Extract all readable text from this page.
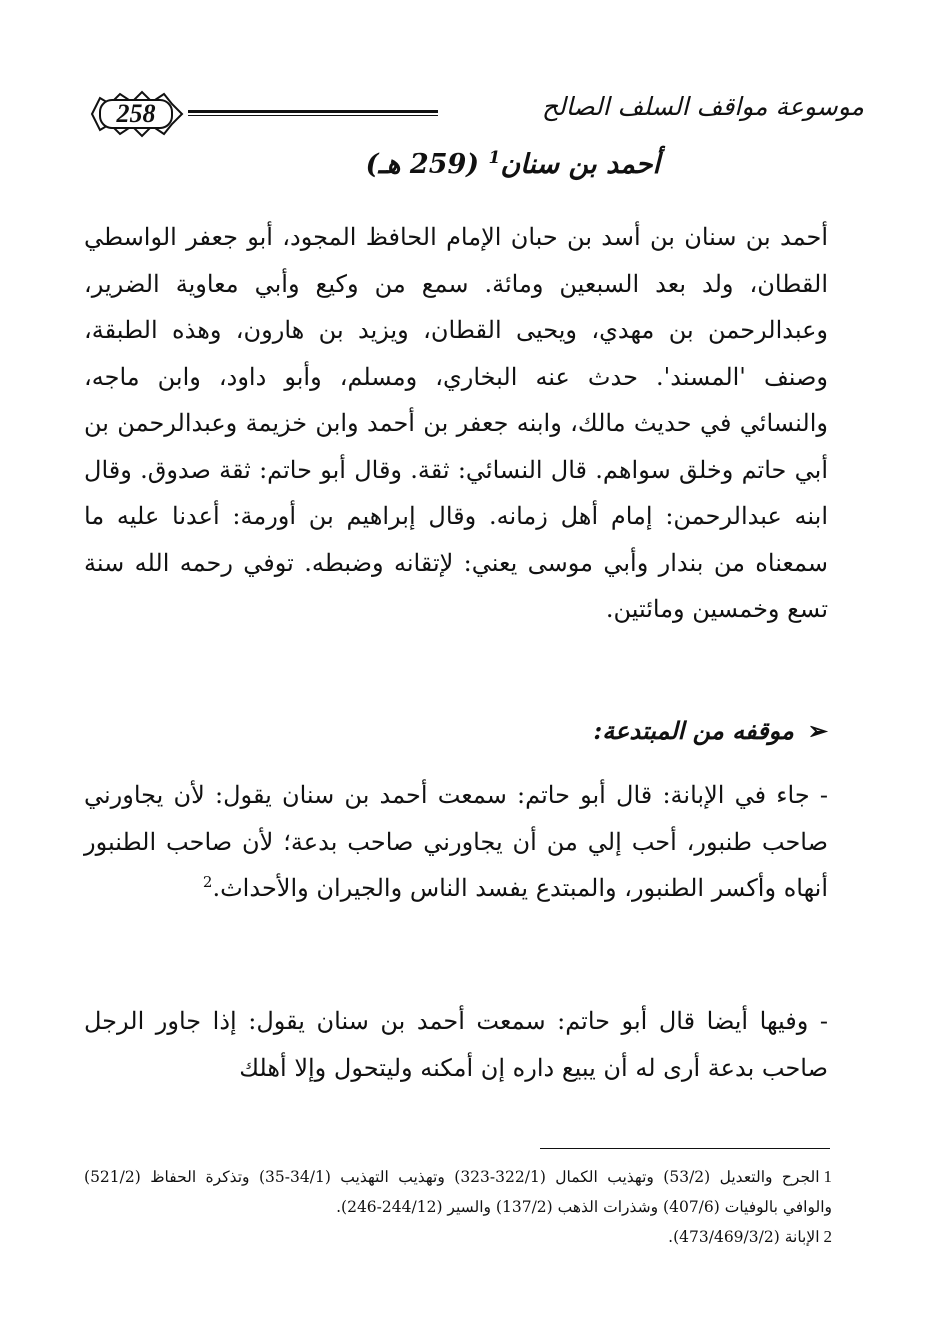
258	موسوعة مواقف السلف الصالح
أحمد بن سنان$^1$ (259 هـ)

أحمد بن سنان بن أسد بن حبان الإمام الحافظ المجود، أبو جعفر الواسطي القطان، ولد بعد السبعين ومائة. سمع من وكيع وأبي معاوية الضرير، وعبدالرحمن بن مهدي، ويحيى القطان، ويزيد بن هارون، وهذه الطبقة، وصنف 'المسند'. حدث عنه البخاري، ومسلم، وأبو داود، وابن ماجه، والنسائي في حديث مالك، وابنه جعفر بن أحمد وابن خزيمة وعبدالرحمن بن أبي حاتم وخلق سواهم. قال النسائي: ثقة. وقال أبو حاتم: ثقة صدوق. وقال ابنه عبدالرحمن: إمام أهل زمانه. وقال إبراهيم بن أورمة: أعدنا عليه ما سمعناه من بندار وأبي موسى يعني: لإتقانه وضبطه. توفي رحمه الله سنة تسع وخمسين ومائتين.

➢موقفه من المبتدعة:

- جاء في الإبانة: قال أبو حاتم: سمعت أحمد بن سنان يقول: لأن يجاورني صاحب طنبور، أحب إلي من أن يجاورني صاحب بدعة؛ لأن صاحب الطنبور أنهاه وأكسر الطنبور، والمبتدع يفسد الناس والجيران والأحداث.$^2$

- وفيها أيضا قال أبو حاتم: سمعت أحمد بن سنان يقول: إذا جاور الرجل صاحب بدعة أرى له أن يبيع داره إن أمكنه وليتحول وإلا أهلك

1الجرح والتعديل (53/2) وتهذيب الكمال (322/1-323) وتهذيب التهذيب (34/1-35) وتذكرة الحفاظ (521/2) والوافي بالوفيات (407/6) وشذرات الذهب (137/2) والسير (244/12-246).

2الإبانة (473/469/3/2).
